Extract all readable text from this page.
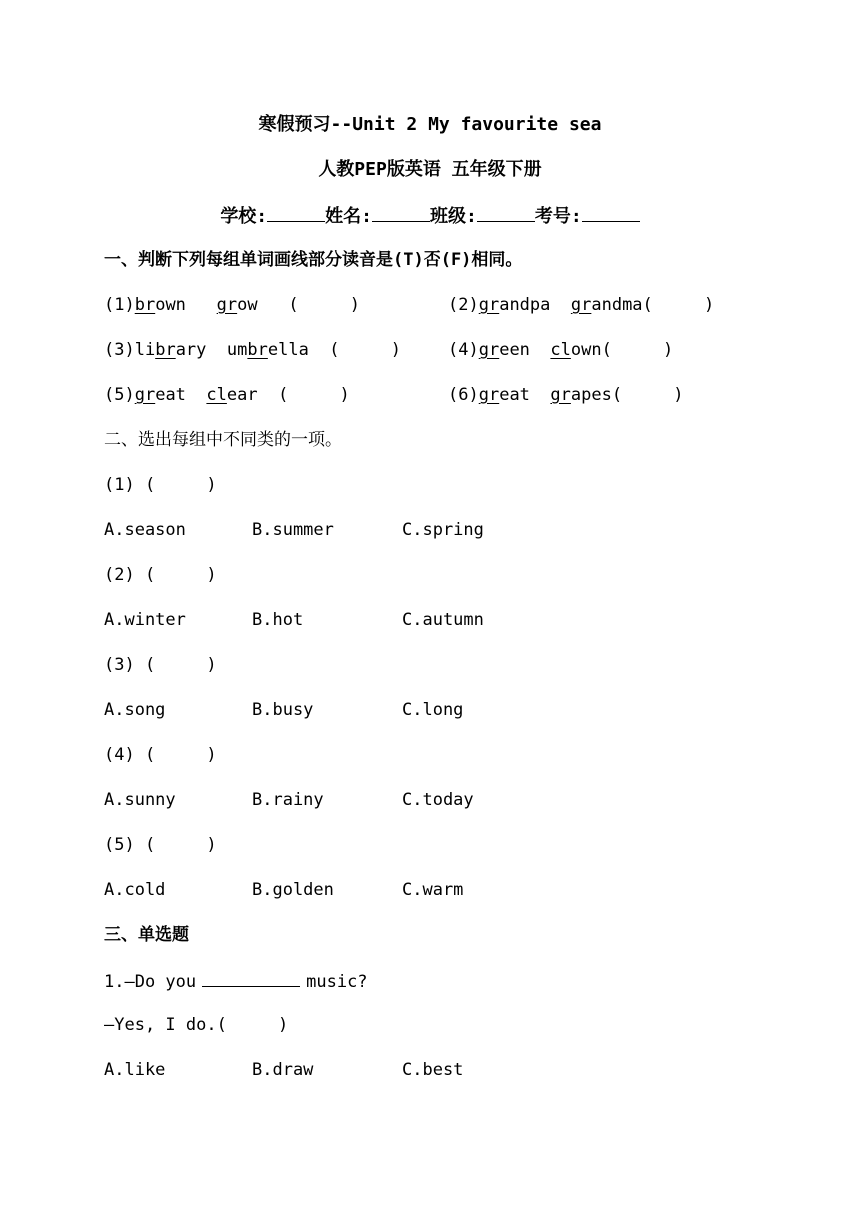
寒假预习--Unit 2 My favourite sea
人教PEP版英语 五年级下册
学校:	姓名:	班级:	考号:
一、判断下列每组单词画线部分读音是(T)否(F)相同。
(1)brown grow (     )	(2)grandpa grandma(     )
(3)library umbrella (     )	(4)green clown(     )
(5)great clear (     )	(6)great grapes(     )
二、选出每组中不同类的一项。
(1) (     )
A.season	B.summer	C.spring
(2) (     )
A.winter	B.hot	C.autumn
(3) (     )
A.song	B.busy	C.long
(4) (     )
A.sunny	B.rainy	C.today
(5) (     )
A.cold	B.golden	C.warm
三、单选题
1.—Do you	music?
—Yes, I do.(     )
A.like	B.draw	C.best
